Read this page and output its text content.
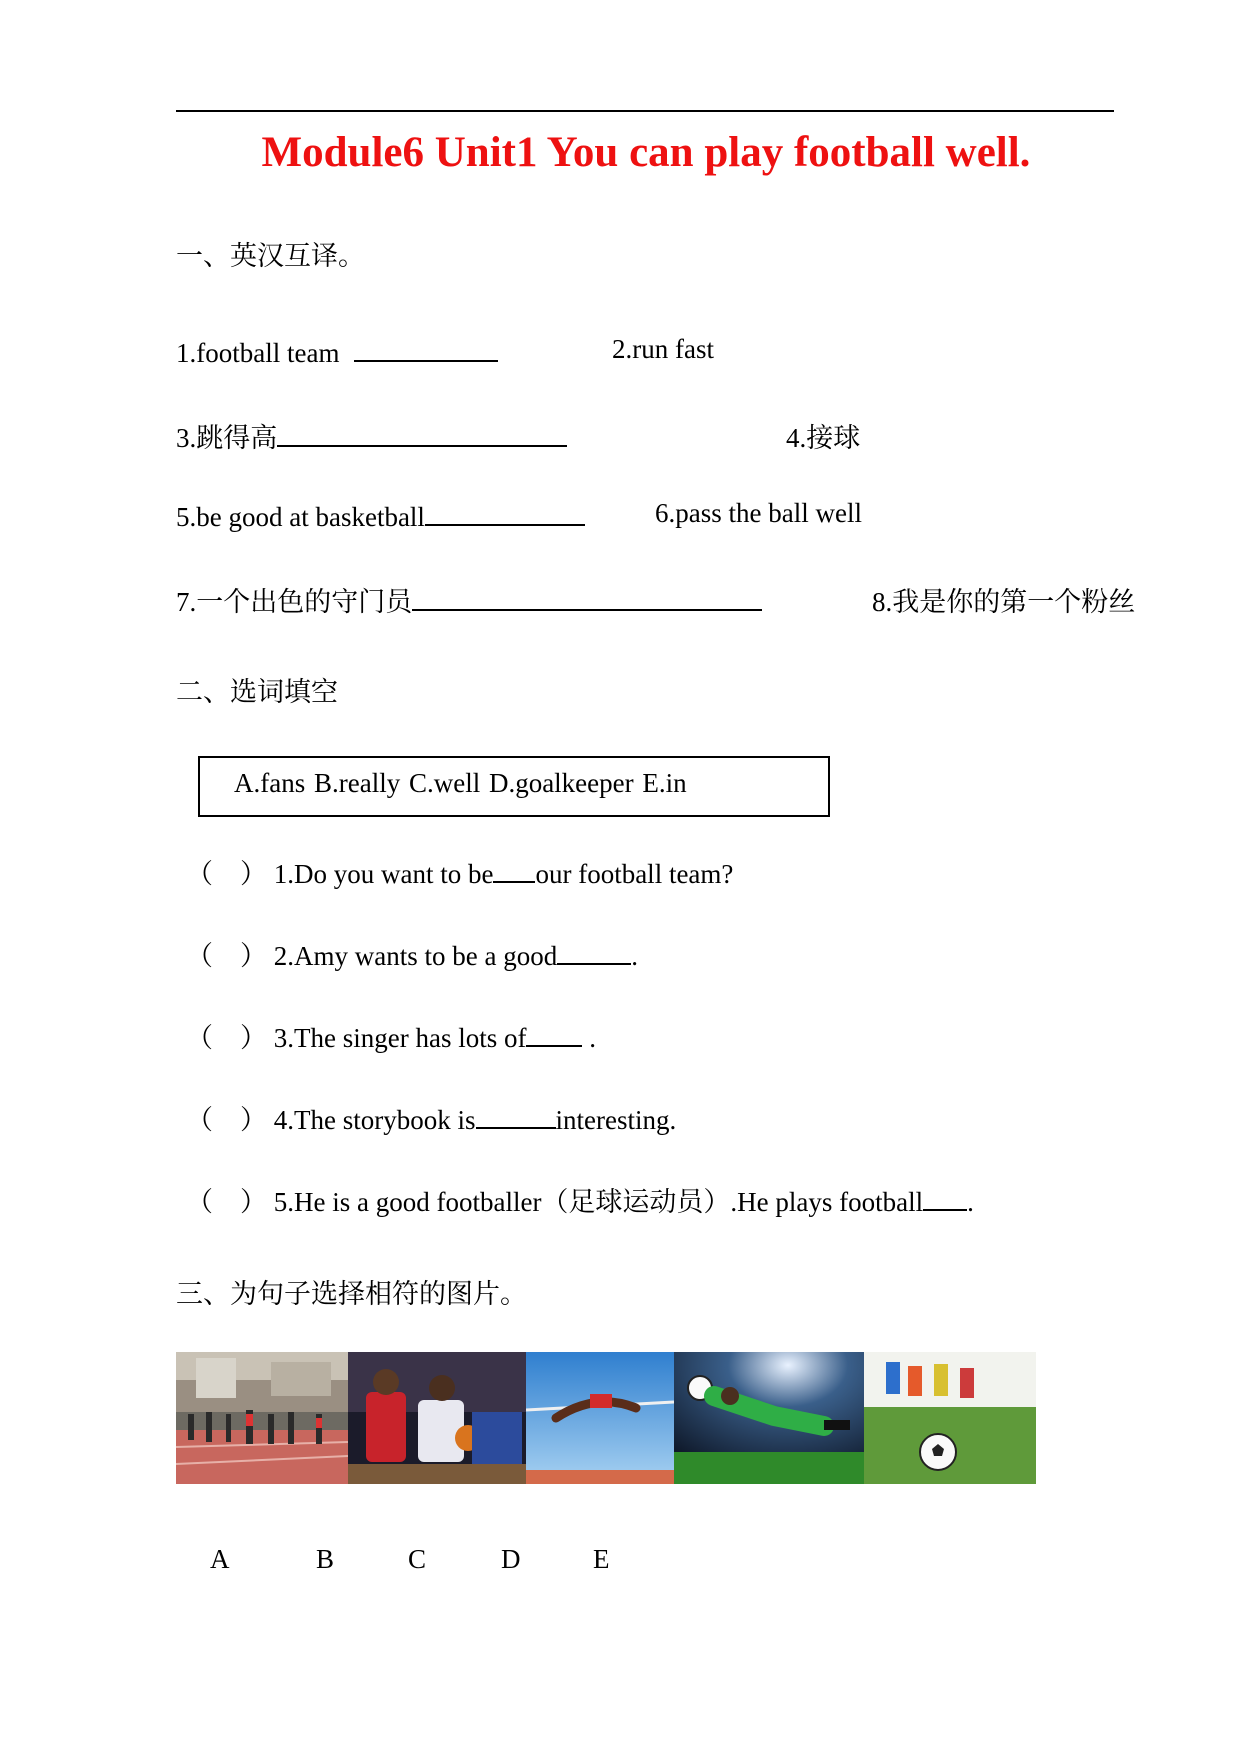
Module6 Unit1 You can play football well.
一、英汉互译。
1.football team	2.run fast
3.跳得高	4.接球
5.be good at basketball	6.pass the ball well
7.一个出色的守门员	8.我是你的第一个粉丝
二、选词填空
A.fans B.really C.well D.goalkeeper E.in
（　） 1.Do you want to be our football team?
（　） 2.Amy wants to be a good	.
（　） 3.The singer has lots of .
（　） 4.The storybook is	interesting.
（　） 5.He is a good footballer（足球运动员）.He plays football .
三、为句子选择相符的图片。
A	B	C	D	E
